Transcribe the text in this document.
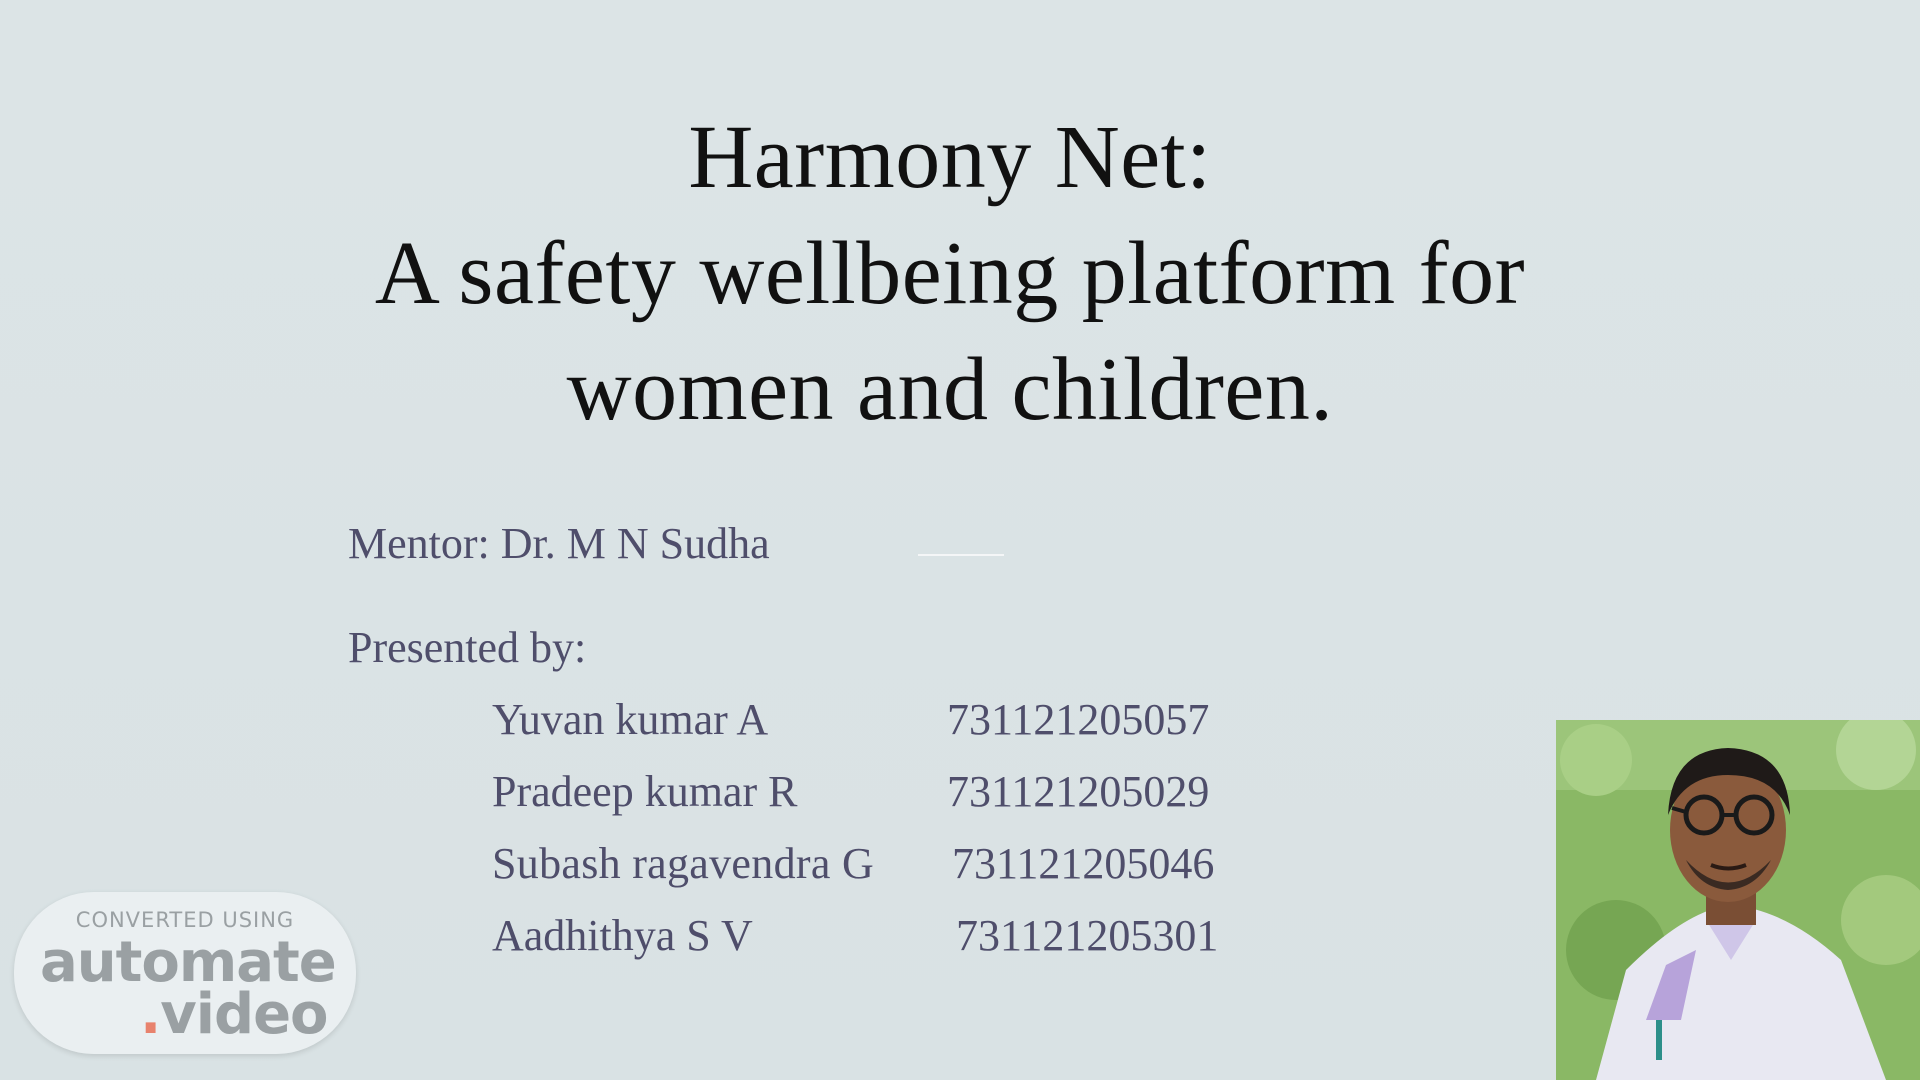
Harmony Net:
A safety wellbeing platform for
women and children.
Mentor: Dr. M N Sudha
Presented by:
Yuvan kumar A	731121205057
Pradeep kumar R	731121205029
Subash ragavendra G 731121205046
Aadhithya S V	731121205301
CONVERTED USING
automate
.video
